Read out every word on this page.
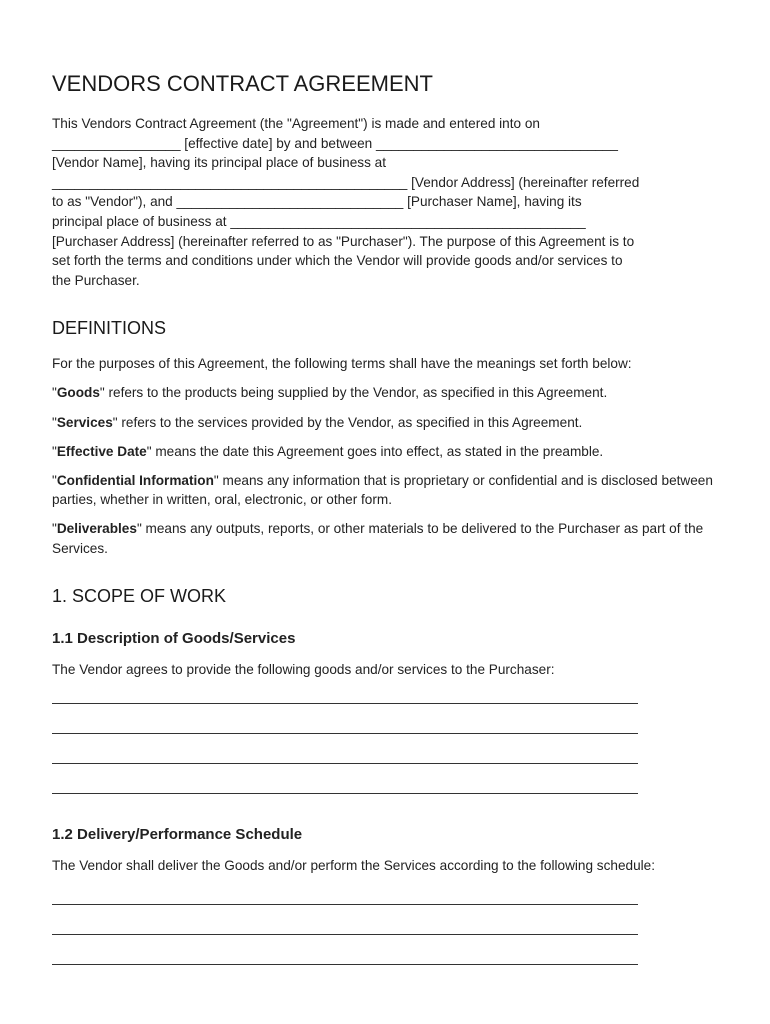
VENDORS CONTRACT AGREEMENT

This Vendors Contract Agreement (the "Agreement") is made and entered into on

_________________ [effective date] by and between ________________________________

[Vendor Name], having its principal place of business at

_______________________________________________ [Vendor Address] (hereinafter referred

to as "Vendor"), and ______________________________ [Purchaser Name], having its

principal place of business at _______________________________________________

[Purchaser Address] (hereinafter referred to as "Purchaser"). The purpose of this Agreement is to

set forth the terms and conditions under which the Vendor will provide goods and/or services to

the Purchaser.

DEFINITIONS

For the purposes of this Agreement, the following terms shall have the meanings set forth below:

"Goods" refers to the products being supplied by the Vendor, as specified in this Agreement.

"Services" refers to the services provided by the Vendor, as specified in this Agreement.

"Effective Date" means the date this Agreement goes into effect, as stated in the preamble.

"Confidential Information" means any information that is proprietary or confidential and is disclosed between parties, whether in written, oral, electronic, or other form.

"Deliverables" means any outputs, reports, or other materials to be delivered to the Purchaser as part of the Services.

1. SCOPE OF WORK
1.1 Description of Goods/Services

The Vendor agrees to provide the following goods and/or services to the Purchaser:

1.2 Delivery/Performance Schedule

The Vendor shall deliver the Goods and/or perform the Services according to the following schedule:
